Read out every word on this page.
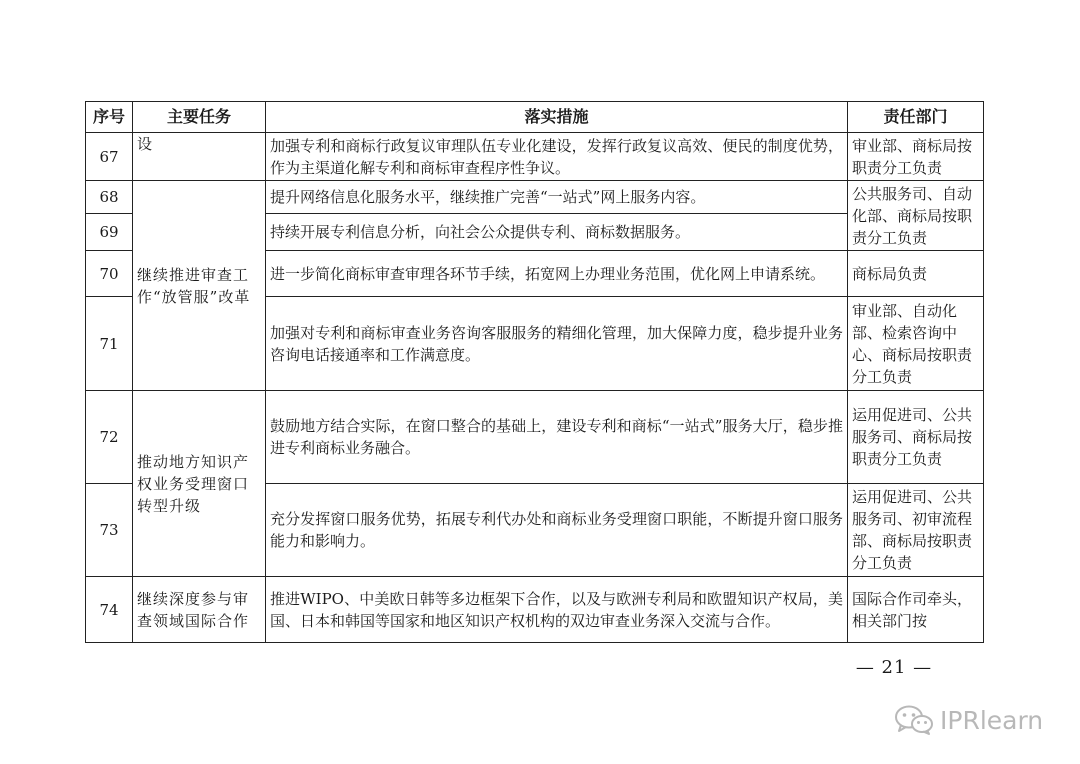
序号	主要任务	落实措施	责任部门
67	设	加强专利和商标行政复议审理队伍专业化建设，发挥行政复议高效、便民的制度优势，作为主渠道化解专利和商标审查程序性争议。	审业部、商标局按职责分工负责
68	继续推进审查工作“放管服”改革	提升网络信息化服务水平，继续推广完善“一站式”网上服务内容。	公共服务司、自动化部、商标局按职责分工负责
69		持续开展专利信息分析，向社会公众提供专利、商标数据服务。	
70		进一步简化商标审查审理各环节手续，拓宽网上办理业务范围，优化网上申请系统。	商标局负责
71		加强对专利和商标审查业务咨询客服服务的精细化管理，加大保障力度，稳步提升业务咨询电话接通率和工作满意度。	审业部、自动化部、检索咨询中心、商标局按职责分工负责
72	推动地方知识产权业务受理窗口转型升级	鼓励地方结合实际，在窗口整合的基础上，建设专利和商标“一站式”服务大厅，稳步推进专利商标业务融合。	运用促进司、公共服务司、商标局按职责分工负责
73		充分发挥窗口服务优势，拓展专利代办处和商标业务受理窗口职能，不断提升窗口服务能力和影响力。	运用促进司、公共服务司、初审流程部、商标局按职责分工负责
74	继续深度参与审查领域国际合作	推进WIPO、中美欧日韩等多边框架下合作，以及与欧洲专利局和欧盟知识产权局，美国、日本和韩国等国家和地区知识产权机构的双边审查业务深入交流与合作。	国际合作司牵头，相关部门按
— 21 —
IPRlearn
